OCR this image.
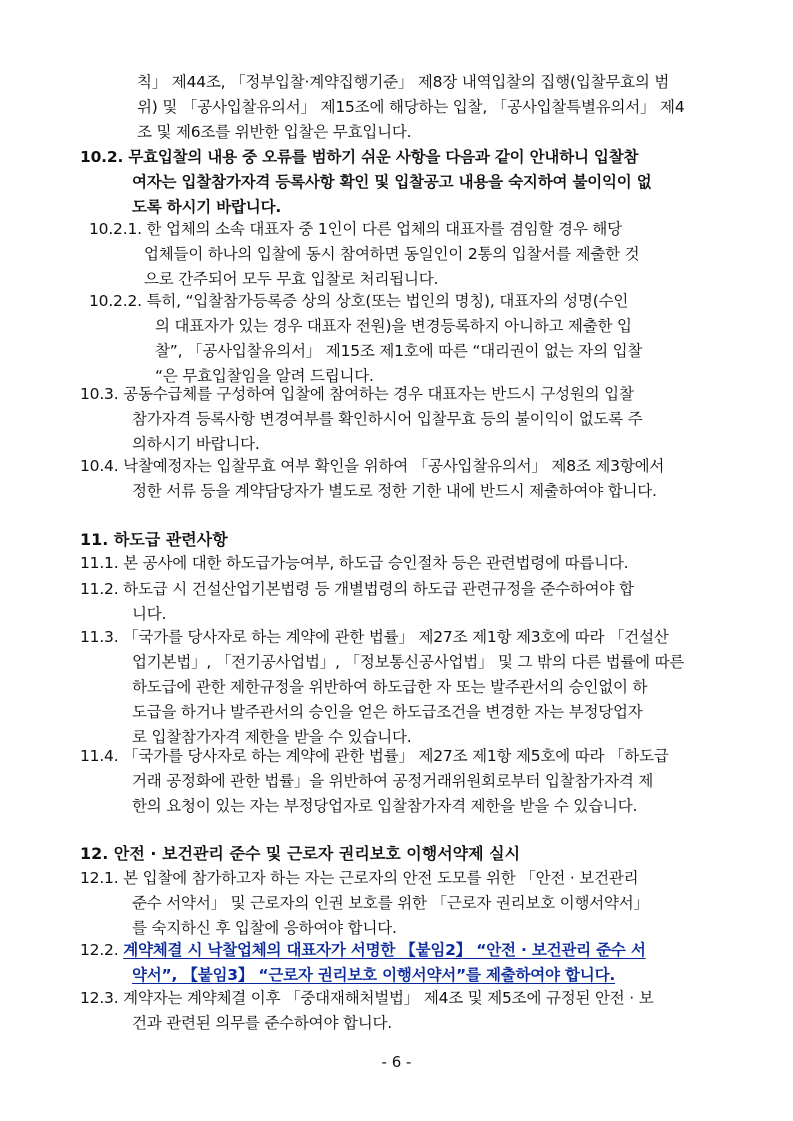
칙」 제44조, 「정부입찰·계약집행기준」 제8장 내역입찰의 집행(입찰무효의 범
위) 및 「공사입찰유의서」 제15조에 해당하는 입찰, 「공사입찰특별유의서」 제4
조 및 제6조를 위반한 입찰은 무효입니다.
10.2. 무효입찰의 내용 중 오류를 범하기 쉬운 사항을 다음과 같이 안내하니 입찰참
여자는 입찰참가자격 등록사항 확인 및 입찰공고 내용을 숙지하여 불이익이 없
도록 하시기 바랍니다.
10.2.1. 한 업체의 소속 대표자 중 1인이 다른 업체의 대표자를 겸임할 경우 해당
업체들이 하나의 입찰에 동시 참여하면 동일인이 2통의 입찰서를 제출한 것
으로 간주되어 모두 무효 입찰로 처리됩니다.
10.2.2. 특히, “입찰참가등록증 상의 상호(또는 법인의 명칭), 대표자의 성명(수인
의 대표자가 있는 경우 대표자 전원)을 변경등록하지 아니하고 제출한 입
찰”, 「공사입찰유의서」 제15조 제1호에 따른 “대리권이 없는 자의 입찰
“은 무효입찰임을 알려 드립니다.
10.3. 공동수급체를 구성하여 입찰에 참여하는 경우 대표자는 반드시 구성원의 입찰
참가자격 등록사항 변경여부를 확인하시어 입찰무효 등의 불이익이 없도록 주
의하시기 바랍니다.
10.4. 낙찰예정자는 입찰무효 여부 확인을 위하여 「공사입찰유의서」 제8조 제3항에서
정한 서류 등을 계약담당자가 별도로 정한 기한 내에 반드시 제출하여야 합니다.
11. 하도급 관련사항
11.1. 본 공사에 대한 하도급가능여부, 하도급 승인절차 등은 관련법령에 따릅니다.
11.2. 하도급 시 건설산업기본법령 등 개별법령의 하도급 관련규정을 준수하여야 합
니다.
11.3. 「국가를 당사자로 하는 계약에 관한 법률」 제27조 제1항 제3호에 따라 「건설산
업기본법」, 「전기공사업법」, 「정보통신공사업법」 및 그 밖의 다른 법률에 따른
하도급에 관한 제한규정을 위반하여 하도급한 자 또는 발주관서의 승인없이 하
도급을 하거나 발주관서의 승인을 얻은 하도급조건을 변경한 자는 부정당업자
로 입찰참가자격 제한을 받을 수 있습니다.
11.4. 「국가를 당사자로 하는 계약에 관한 법률」 제27조 제1항 제5호에 따라 「하도급
거래 공정화에 관한 법률」을 위반하여 공정거래위원회로부터 입찰참가자격 제
한의 요청이 있는 자는 부정당업자로 입찰참가자격 제한을 받을 수 있습니다.
12. 안전 · 보건관리 준수 및 근로자 권리보호 이행서약제 실시
12.1. 본 입찰에 참가하고자 하는 자는 근로자의 안전 도모를 위한 「안전 · 보건관리
준수 서약서」 및 근로자의 인권 보호를 위한 「근로자 권리보호 이행서약서」
를 숙지하신 후 입찰에 응하여야 합니다.
12.2. 계약체결 시 낙찰업체의 대표자가 서명한 【붙임2】 “안전 · 보건관리 준수 서
약서”, 【붙임3】 “근로자 권리보호 이행서약서”를 제출하여야 합니다.
12.3. 계약자는 계약체결 이후 「중대재해처벌법」 제4조 및 제5조에 규정된 안전 · 보
건과 관련된 의무를 준수하여야 합니다.
- 6 -
